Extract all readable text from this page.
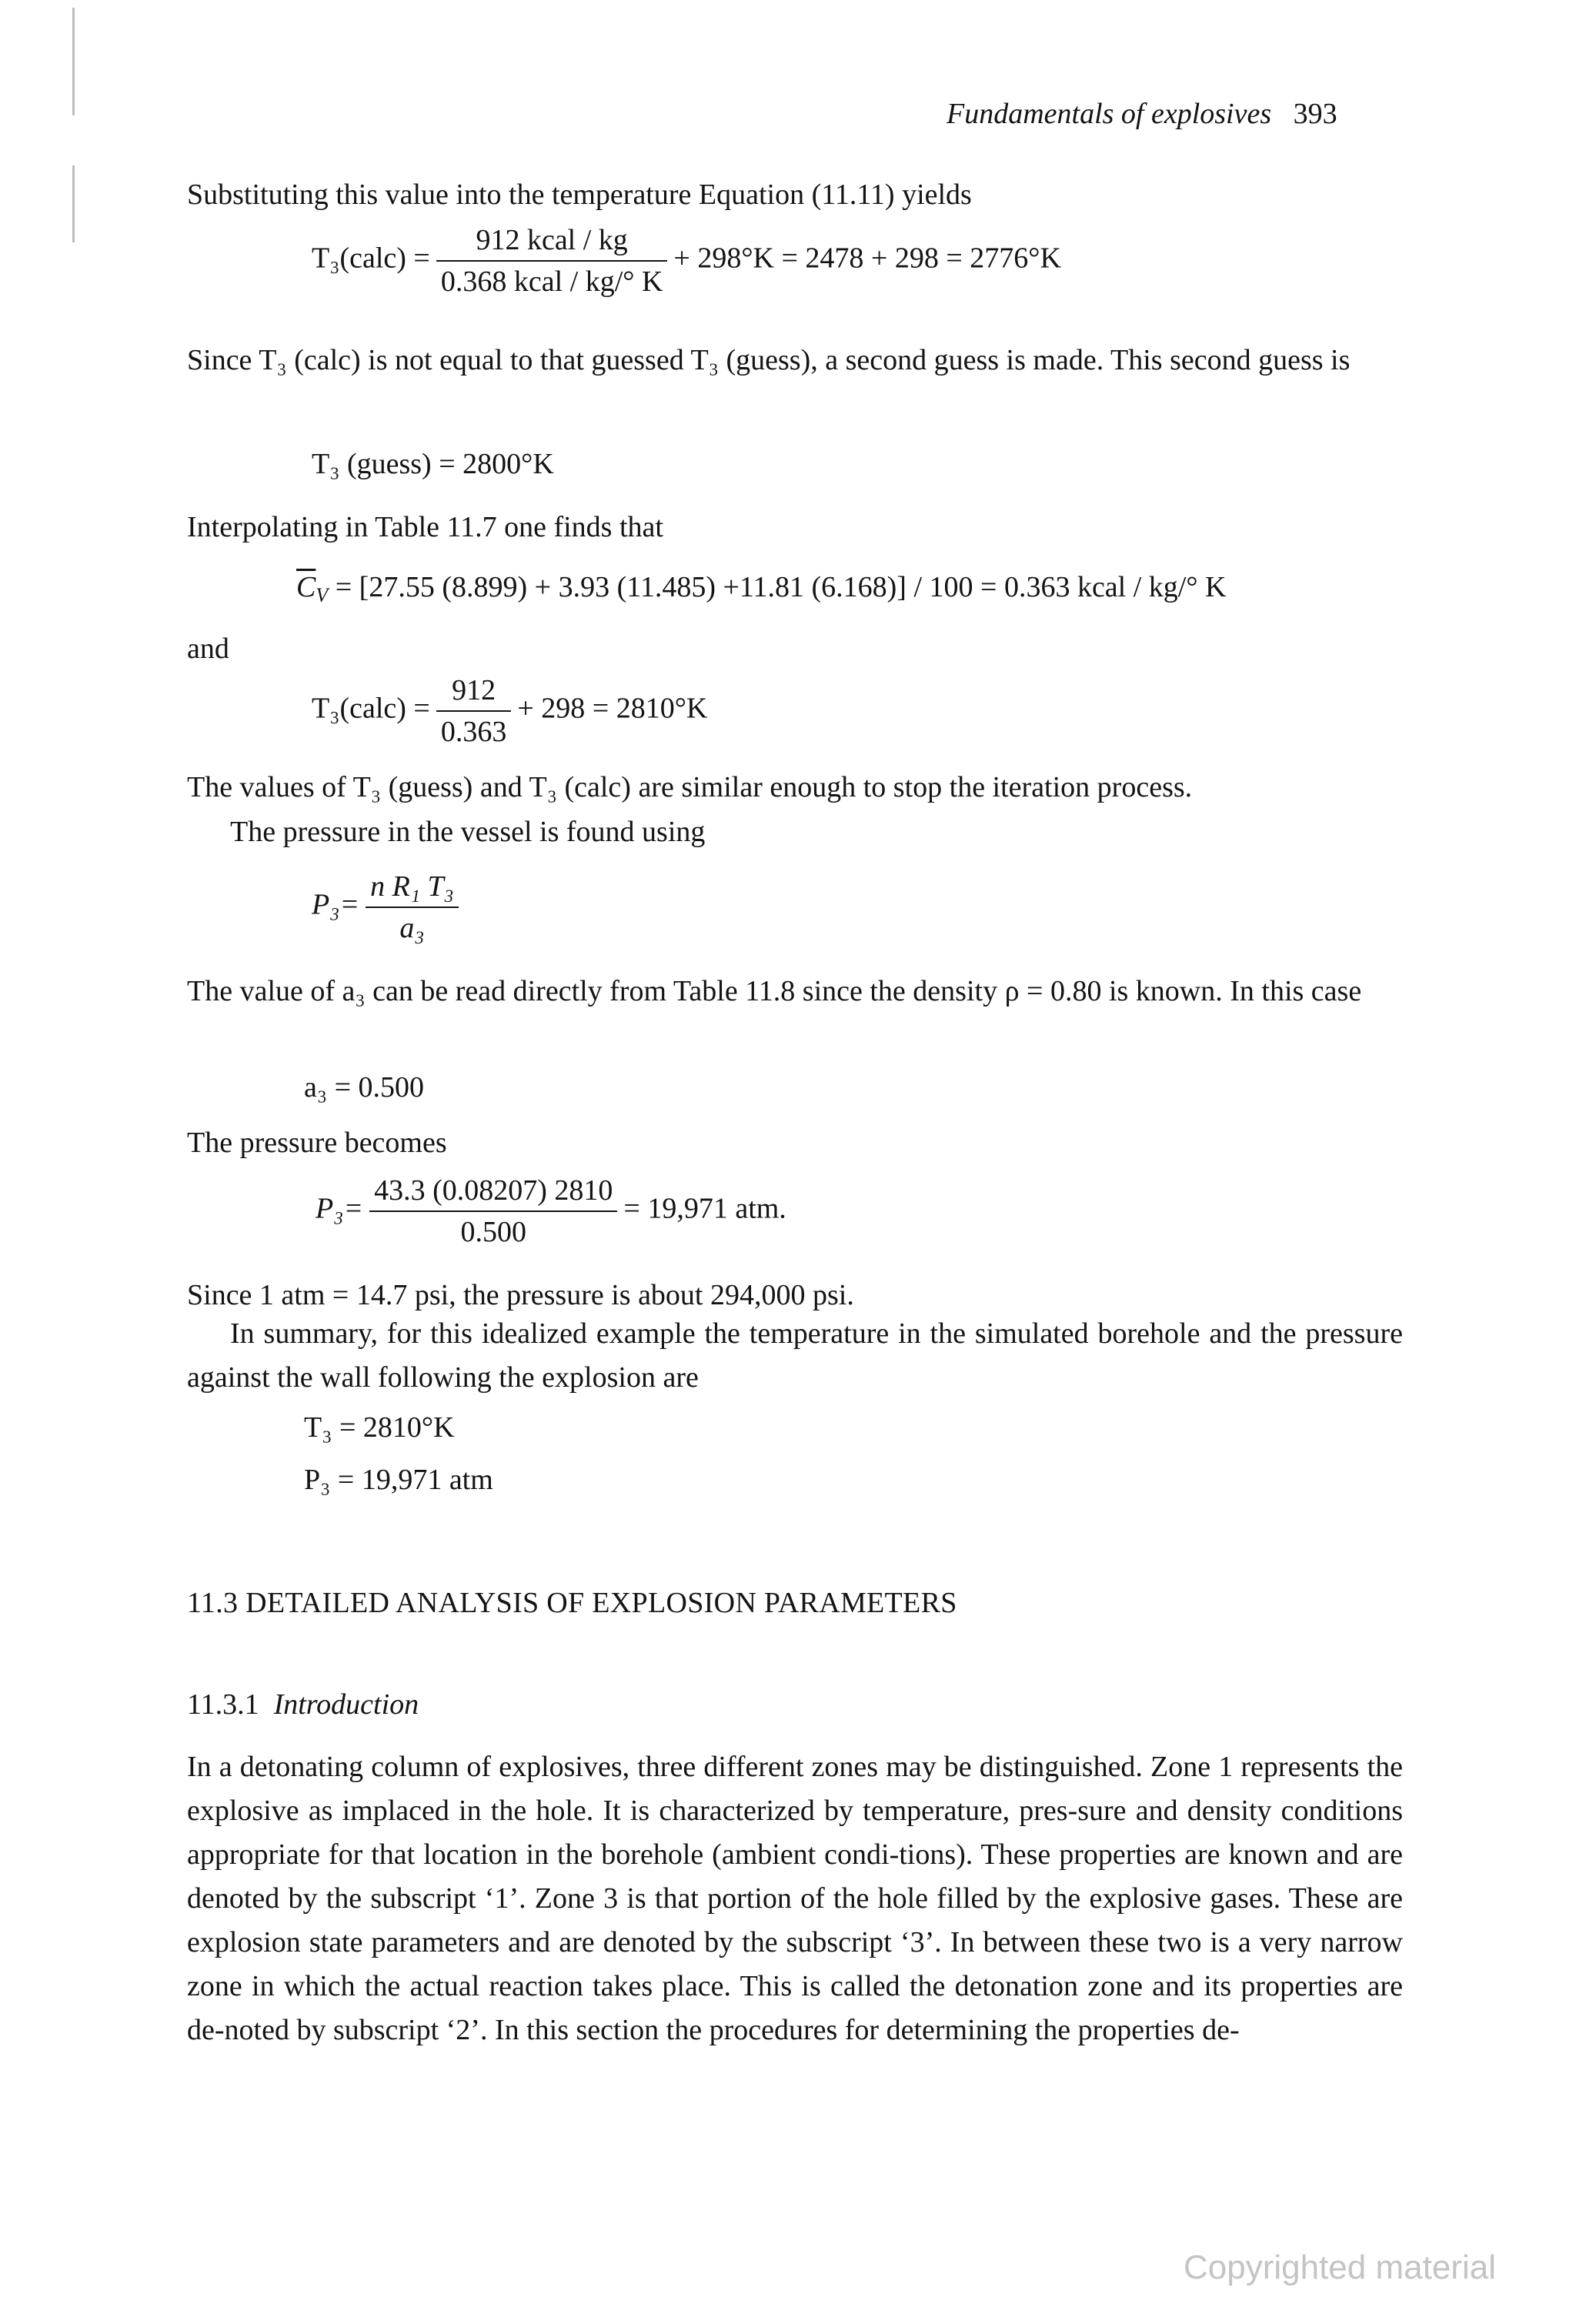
Fundamentals of explosives 393
Substituting this value into the temperature Equation (11.11) yields
T₃(calc) = $\frac{\text{912 kcal / kg}}{\text{0.368 kcal / kg/° K}} + 298^\circ K = 2478 + 298 = 2776^\circ K$
Since T₃ (calc) is not equal to that guessed T₃ (guess), a second guess is made. This second guess is
T₃ (guess) = 2800°K
Interpolating in Table 11.7 one finds that
$\overline{C}_V = [27.55$ (8.899) + 3.93 (11.485) +11.81 (6.168)] / 100 = 0.363 kcal / kg/° K
and
T₃(calc) = $\frac{912}{0.363} + 298 = 2810^\circ K$
The values of T₃ (guess) and T₃ (calc) are similar enough to stop the iteration process.
The pressure in the vessel is found using
$P_3= \frac{\text{n R₁ T₃}}{\text{a₃}}$
The value of a₃ can be read directly from Table 11.8 since the density ρ = 0.80 is known. In this case
a₃ = 0.500
The pressure becomes
$P_3= \frac{43.3 (0.08207) 2810}{0.500} = 19,971$ atm.
Since 1 atm = 14.7 psi, the pressure is about 294,000 psi.
In summary, for this idealized example the temperature in the simulated borehole and the pressure against the wall following the explosion are
T₃ = 2810°K
P₃ = 19,971 atm
11.3 DETAILED ANALYSIS OF EXPLOSION PARAMETERS
11.3.1 Introduction
In a detonating column of explosives, three different zones may be distinguished. Zone 1 represents the explosive as implaced in the hole. It is characterized by temperature, pres-sure and density conditions appropriate for that location in the borehole (ambient condi-tions). These properties are known and are denoted by the subscript ‘1’. Zone 3 is that portion of the hole filled by the explosive gases. These are explosion state parameters and are denoted by the subscript ‘3’. In between these two is a very narrow zone in which the actual reaction takes place. This is called the detonation zone and its properties are de-noted by subscript ‘2’. In this section the procedures for determining the properties de-
Copyrighted material
